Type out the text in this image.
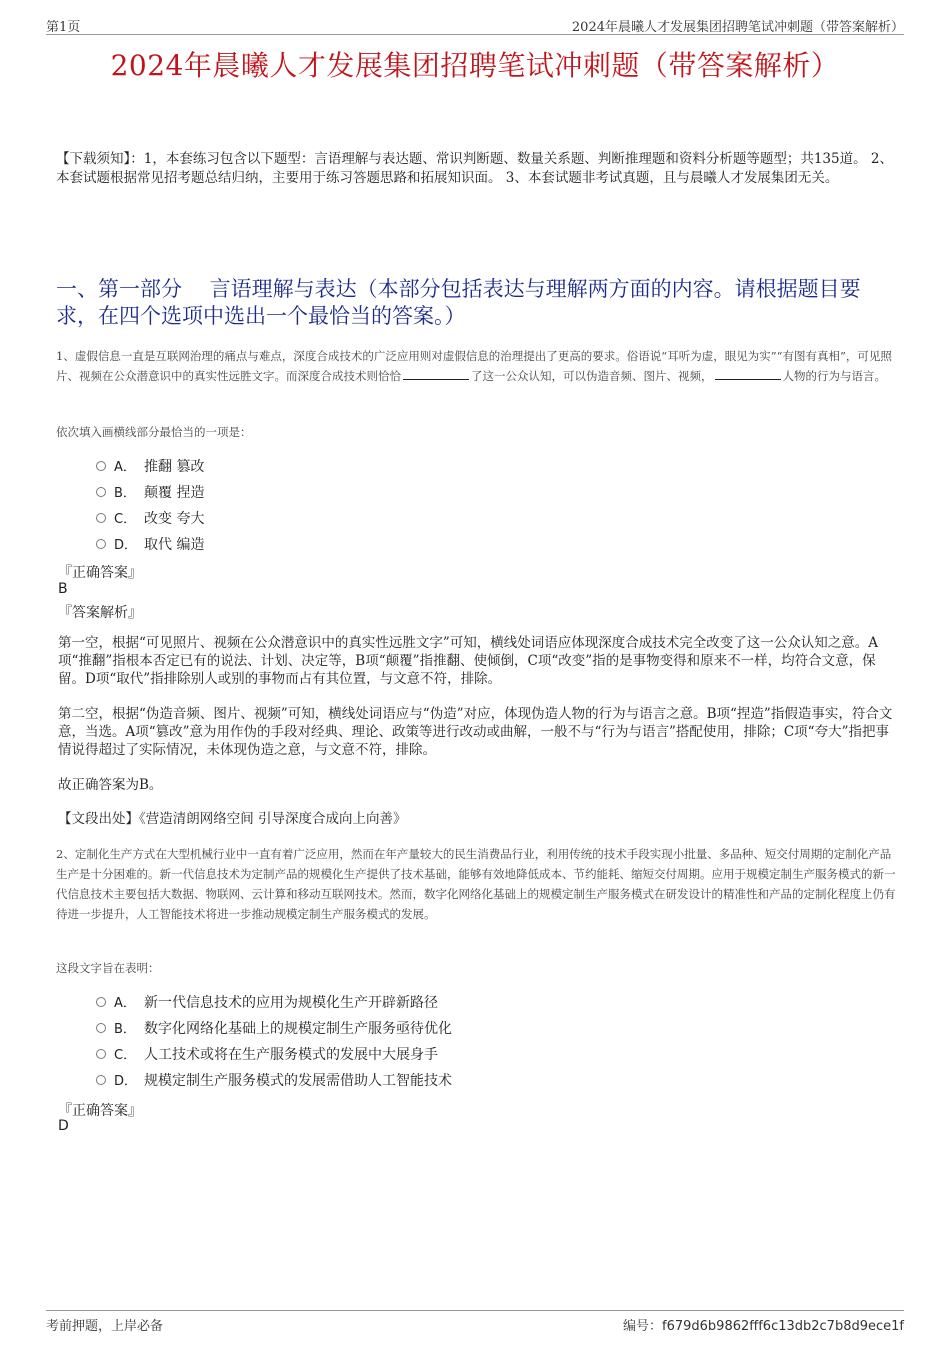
第1页	2024年晨曦人才发展集团招聘笔试冲刺题（带答案解析）
2024年晨曦人才发展集团招聘笔试冲刺题（带答案解析）
【下载须知】：1，本套练习包含以下题型：言语理解与表达题、常识判断题、数量关系题、判断推理题和资料分析题等题型；共135道。 2、本套试题根据常见招考题总结归纳，主要用于练习答题思路和拓展知识面。 3、本套试题非考试真题，且与晨曦人才发展集团无关。
一、第一部分　 言语理解与表达（本部分包括表达与理解两方面的内容。请根据题目要求，在四个选项中选出一个最恰当的答案。）
1、虚假信息一直是互联网治理的痛点与难点，深度合成技术的广泛应用则对虚假信息的治理提出了更高的要求。俗语说“耳听为虚，眼见为实”“有图有真相”，可见照片、视频在公众潜意识中的真实性远胜文字。而深度合成技术则恰恰	了这一公众认知，可以伪造音频、图片、视频，	人物的行为与语言。
依次填入画横线部分最恰当的一项是：
A． 推翻 篡改
B． 颠覆 捏造
C． 改变 夸大
D． 取代 编造
『正确答案』
B
『答案解析』
第一空，根据“可见照片、视频在公众潜意识中的真实性远胜文字”可知，横线处词语应体现深度合成技术完全改变了这一公众认知之意。A项“推翻”指根本否定已有的说法、计划、决定等，B项“颠覆”指推翻、使倾倒，C项“改变”指的是事物变得和原来不一样，均符合文意，保留。D项“取代”指排除别人或别的事物而占有其位置，与文意不符，排除。
第二空，根据“伪造音频、图片、视频”可知，横线处词语应与“伪造”对应，体现伪造人物的行为与语言之意。B项“捏造”指假造事实，符合文意，当选。A项“篡改”意为用作伪的手段对经典、理论、政策等进行改动或曲解，一般不与“行为与语言”搭配使用，排除；C项“夸大”指把事情说得超过了实际情况，未体现伪造之意，与文意不符，排除。
故正确答案为B。
【文段出处】《营造清朗网络空间 引导深度合成向上向善》
2、定制化生产方式在大型机械行业中一直有着广泛应用，然而在年产量较大的民生消费品行业，利用传统的技术手段实现小批量、多品种、短交付周期的定制化产品生产是十分困难的。新一代信息技术为定制产品的规模化生产提供了技术基础，能够有效地降低成本、节约能耗、缩短交付周期。应用于规模定制生产服务模式的新一代信息技术主要包括大数据、物联网、云计算和移动互联网技术。然而，数字化网络化基础上的规模定制生产服务模式在研发设计的精准性和产品的定制化程度上仍有待进一步提升，人工智能技术将进一步推动规模定制生产服务模式的发展。
这段文字旨在表明：
A． 新一代信息技术的应用为规模化生产开辟新路径
B． 数字化网络化基础上的规模定制生产服务亟待优化
C． 人工技术或将在生产服务模式的发展中大展身手
D． 规模定制生产服务模式的发展需借助人工智能技术
『正确答案』
D
考前押题，上岸必备	编号：f679d6b9862fff6c13db2c7b8d9ece1f
